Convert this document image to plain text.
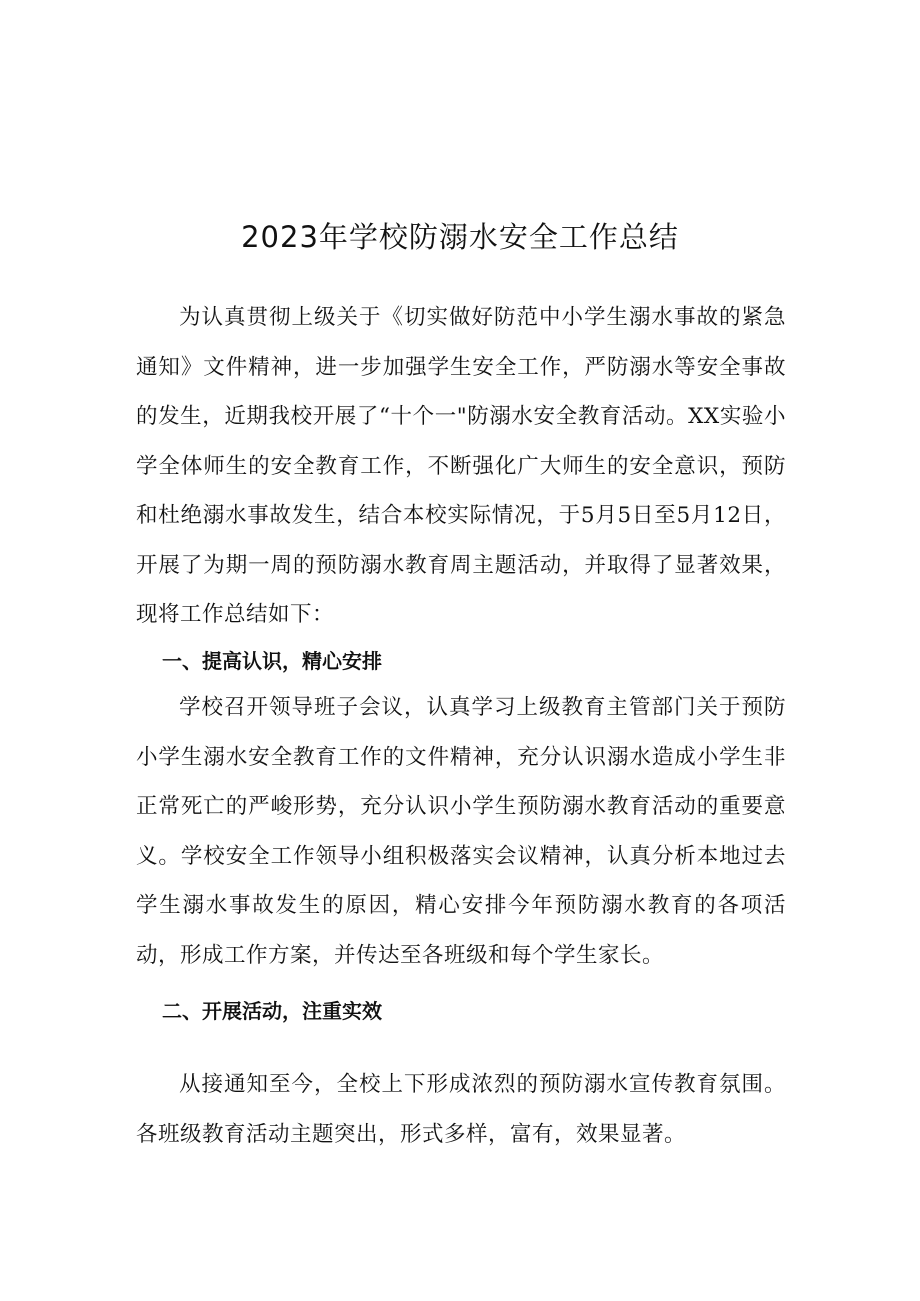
2023年学校防溺水安全工作总结

为认真贯彻上级关于《切实做好防范中小学生溺水事故的紧急通知》文件精神，进一步加强学生安全工作，严防溺水等安全事故的发生，近期我校开展了“十个一"防溺水安全教育活动。XX实验小学全体师生的安全教育工作，不断强化广大师生的安全意识，预防和杜绝溺水事故发生，结合本校实际情况，于5月5日至5月12日，开展了为期一周的预防溺水教育周主题活动，并取得了显著效果，现将工作总结如下：

一、提高认识，精心安排

学校召开领导班子会议，认真学习上级教育主管部门关于预防小学生溺水安全教育工作的文件精神，充分认识溺水造成小学生非正常死亡的严峻形势，充分认识小学生预防溺水教育活动的重要意义。学校安全工作领导小组积极落实会议精神，认真分析本地过去学生溺水事故发生的原因，精心安排今年预防溺水教育的各项活动，形成工作方案，并传达至各班级和每个学生家长。

二、开展活动，注重实效

从接通知至今，全校上下形成浓烈的预防溺水宣传教育氛围。各班级教育活动主题突出，形式多样，富有，效果显著。
